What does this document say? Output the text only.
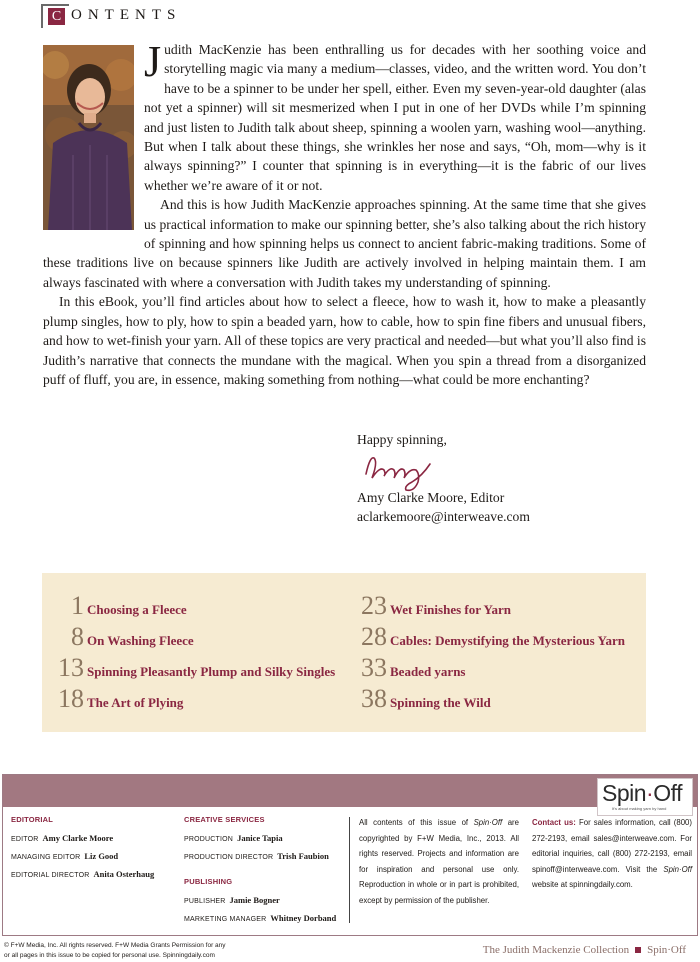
C ONTENTS

Judith MacKenzie has been enthralling us for decades with her soothing voice and storytelling magic via many a medium—classes, video, and the written word. You don’t have to be a spinner to be under her spell, either. Even my seven-year-old daughter (alas not yet a spinner) will sit mesmerized when I put in one of her DVDs while I’m spinning and just listen to Judith talk about sheep, spinning a woolen yarn, washing wool—anything. But when I talk about these things, she wrinkles her nose and says, “Oh, mom—why is it always spinning?” I counter that spinning is in everything—it is the fabric of our lives whether we’re aware of it or not.

And this is how Judith MacKenzie approaches spinning. At the same time that she gives us practical information to make our spinning better, she’s also talking about the rich history of spinning and how spinning helps us connect to ancient fabric-making traditions. Some of these traditions live on because spinners like Judith are actively involved in helping maintain them. I am always fascinated with where a conversation with Judith takes my understanding of spinning.

In this eBook, you’ll find articles about how to select a fleece, how to wash it, how to make a pleasantly plump singles, how to ply, how to spin a beaded yarn, how to cable, how to spin fine fibers and unusual fibers, and how to wet-finish your yarn. All of these topics are very practical and needed—but what you’ll also find is Judith’s narrative that connects the mundane with the magical. When you spin a thread from a disorganized puff of fluff, you are, in essence, making something from nothing—what could be more enchanting?

Happy spinning,
Amy Clarke Moore, Editor
aclarkemoore@interweave.com
1 Choosing a Fleece
8 On Washing Fleece
13 Spinning Pleasantly Plump and Silky Singles
18 The Art of Plying
23 Wet Finishes for Yarn
28 Cables: Demystifying the Mysterious Yarn
33 Beaded yarns
38 Spinning the Wild
Spin·Off
It's about making yarn by hand
EDITORIAL
EDITOR Amy Clarke Moore
MANAGING EDITOR Liz Good
EDITORIAL DIRECTOR Anita Osterhaug
CREATIVE SERVICES
PRODUCTION Janice Tapia
PRODUCTION DIRECTOR Trish Faubion
PUBLISHING
PUBLISHER Jamie Bogner
MARKETING MANAGER Whitney Dorband
All contents of this issue of Spin·Off are copyrighted by F+W Media, Inc., 2013. All rights reserved. Projects and information are for inspiration and personal use only. Reproduction in whole or in part is prohibited, except by permission of the publisher.
Contact us: For sales information, call (800) 272-2193, email sales@interweave.com. For editorial inquiries, call (800) 272-2193, email spinoff@interweave.com. Visit the Spin·Off website at spinningdaily.com.
© F+W Media, Inc. All rights reserved. F+W Media Grants Permission for any
or all pages in this issue to be copied for personal use. Spinningdaily.com	The Judith Mackenzie Collection Spin·Off
